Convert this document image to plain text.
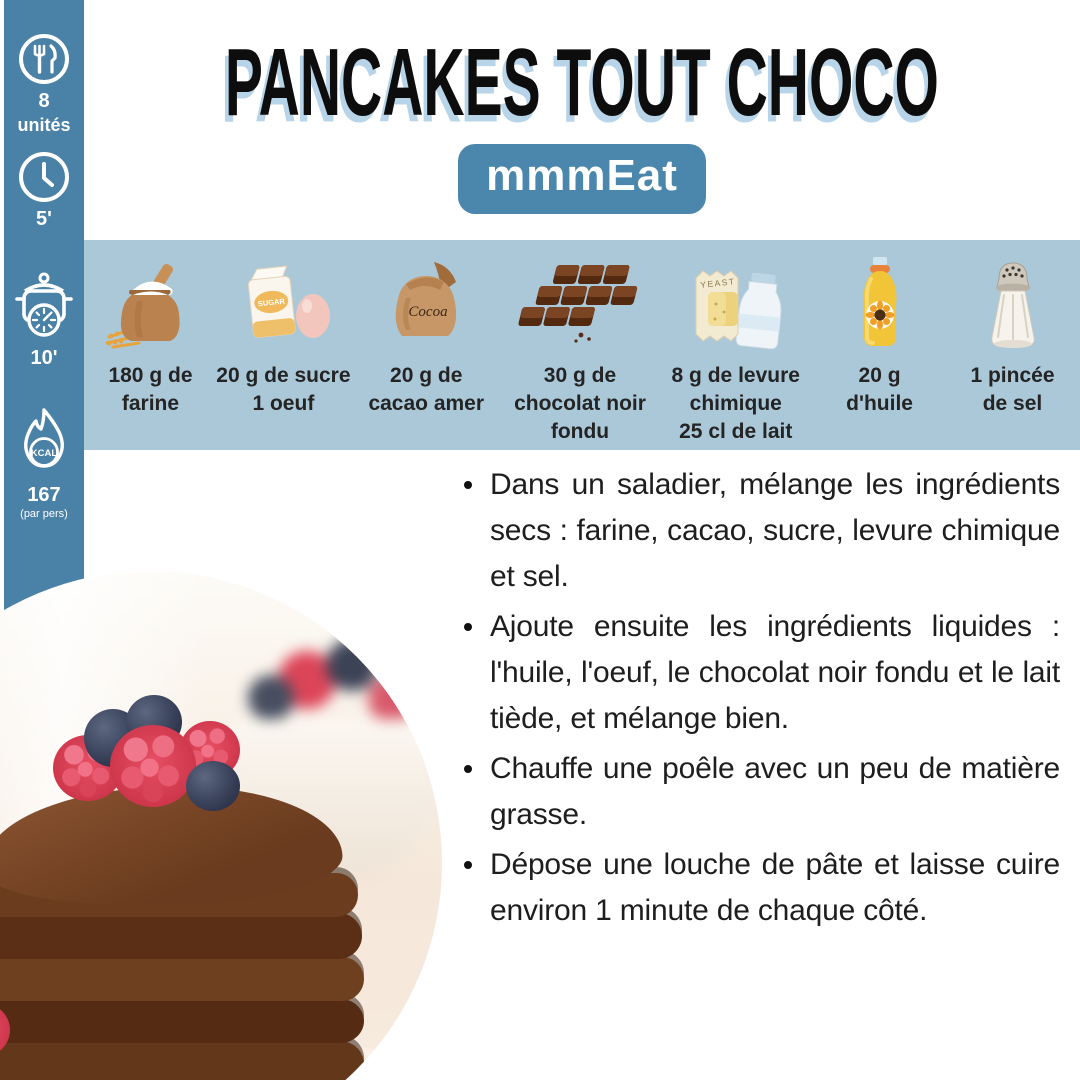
8
unités
5'
10'
KCAL
167
(par pers)
PANCAKES TOUT CHOCO
mmmEat
180 g de
farine
SUGAR
20 g de sucre
1 oeuf
Cocoa
20 g de
cacao amer
30 g de
chocolat noir
fondu
YEAST
8 g de levure
chimique
25 cl de lait
20 g
d'huile
1 pincée
de sel
Dans un saladier, mélange les ingrédients secs : farine, cacao, sucre, levure chimique et sel.
Ajoute ensuite les ingrédients liquides : l'huile, l'oeuf, le chocolat noir fondu et le lait tiède, et mélange bien.
Chauffe une poêle avec un peu de matière grasse.
Dépose une louche de pâte et laisse cuire environ 1 minute de chaque côté.
